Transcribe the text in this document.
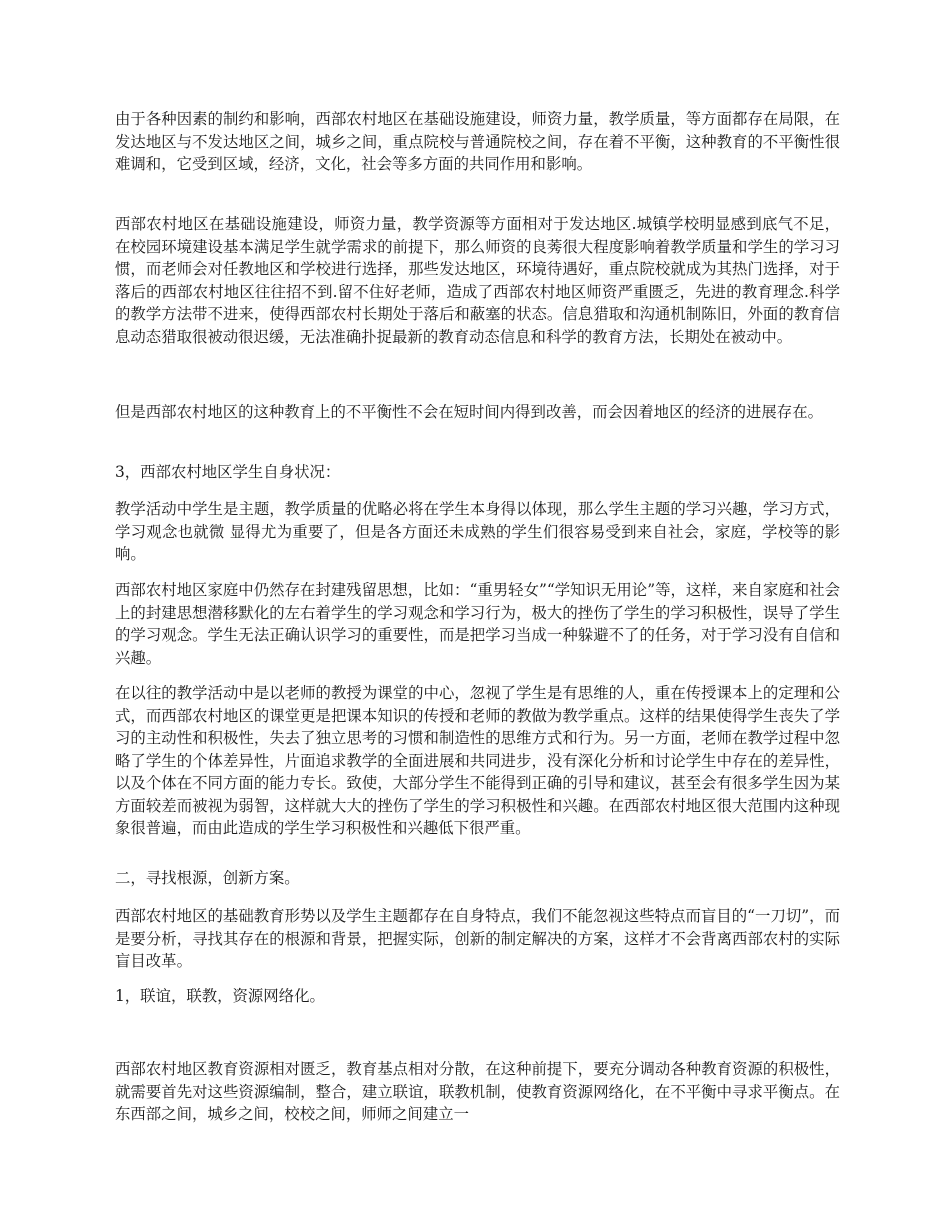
由于各种因素的制约和影响，西部农村地区在基础设施建设，师资力量，教学质量，等方面都存在局限，在发达地区与不发达地区之间，城乡之间，重点院校与普通院校之间，存在着不平衡，这种教育的不平衡性很难调和，它受到区域，经济，文化，社会等多方面的共同作用和影响。

西部农村地区在基础设施建设，师资力量，教学资源等方面相对于发达地区.城镇学校明显感到底气不足，在校园环境建设基本满足学生就学需求的前提下，那么师资的良莠很大程度影响着教学质量和学生的学习习惯，而老师会对任教地区和学校进行选择，那些发达地区，环境待遇好，重点院校就成为其热门选择，对于落后的西部农村地区往往招不到.留不住好老师，造成了西部农村地区师资严重匮乏，先进的教育理念.科学的教学方法带不进来，使得西部农村长期处于落后和蔽塞的状态。信息猎取和沟通机制陈旧，外面的教育信息动态猎取很被动很迟缓，无法准确扑捉最新的教育动态信息和科学的教育方法，长期处在被动中。

但是西部农村地区的这种教育上的不平衡性不会在短时间内得到改善，而会因着地区的经济的进展存在。

3，西部农村地区学生自身状况：

教学活动中学生是主题，教学质量的优略必将在学生本身得以体现，那么学生主题的学习兴趣，学习方式，学习观念也就微 显得尤为重要了，但是各方面还未成熟的学生们很容易受到来自社会，家庭，学校等的影响。

西部农村地区家庭中仍然存在封建残留思想，比如：“重男轻女”“学知识无用论”等，这样，来自家庭和社会上的封建思想潜移默化的左右着学生的学习观念和学习行为，极大的挫伤了学生的学习积极性，误导了学生的学习观念。学生无法正确认识学习的重要性，而是把学习当成一种躲避不了的任务，对于学习没有自信和兴趣。

在以往的教学活动中是以老师的教授为课堂的中心，忽视了学生是有思维的人，重在传授课本上的定理和公式，而西部农村地区的课堂更是把课本知识的传授和老师的教做为教学重点。这样的结果使得学生丧失了学习的主动性和积极性，失去了独立思考的习惯和制造性的思维方式和行为。另一方面，老师在教学过程中忽略了学生的个体差异性，片面追求教学的全面进展和共同进步，没有深化分析和讨论学生中存在的差异性，以及个体在不同方面的能力专长。致使，大部分学生不能得到正确的引导和建议，甚至会有很多学生因为某方面较差而被视为弱智，这样就大大的挫伤了学生的学习积极性和兴趣。在西部农村地区很大范围内这种现象很普遍，而由此造成的学生学习积极性和兴趣低下很严重。

二，寻找根源，创新方案。

西部农村地区的基础教育形势以及学生主题都存在自身特点，我们不能忽视这些特点而盲目的“一刀切”，而是要分析，寻找其存在的根源和背景，把握实际，创新的制定解决的方案，这样才不会背离西部农村的实际盲目改革。

1，联谊，联教，资源网络化。

西部农村地区教育资源相对匮乏，教育基点相对分散，在这种前提下，要充分调动各种教育资源的积极性，就需要首先对这些资源编制，整合，建立联谊，联教机制，使教育资源网络化，在不平衡中寻求平衡点。在东西部之间，城乡之间，校校之间，师师之间建立一
